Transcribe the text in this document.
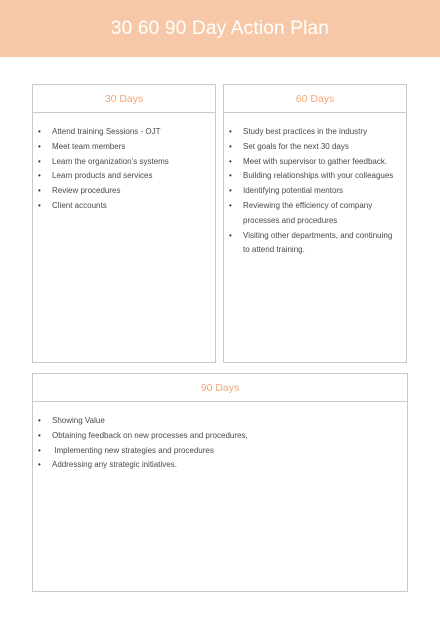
30 60 90 Day Action Plan
30 Days
• Attend training Sessions - OJT
• Meet team members
• Learn the organization’s systems
• Learn products and services
• Review procedures
• Client accounts
60 Days
• Study best practices in the industry
• Set goals for the next 30 days
• Meet with supervisor to gather feedback.
• Building relationships with your colleagues
• Identifying potential mentors
• Reviewing the efficiency of company processes and procedures
• Visiting other departments, and continuing to attend training.
90 Days
• Showing Value
• Obtaining feedback on new processes and procedures,
• Implementing new strategies and procedures
• Addressing any strategic initiatives.
